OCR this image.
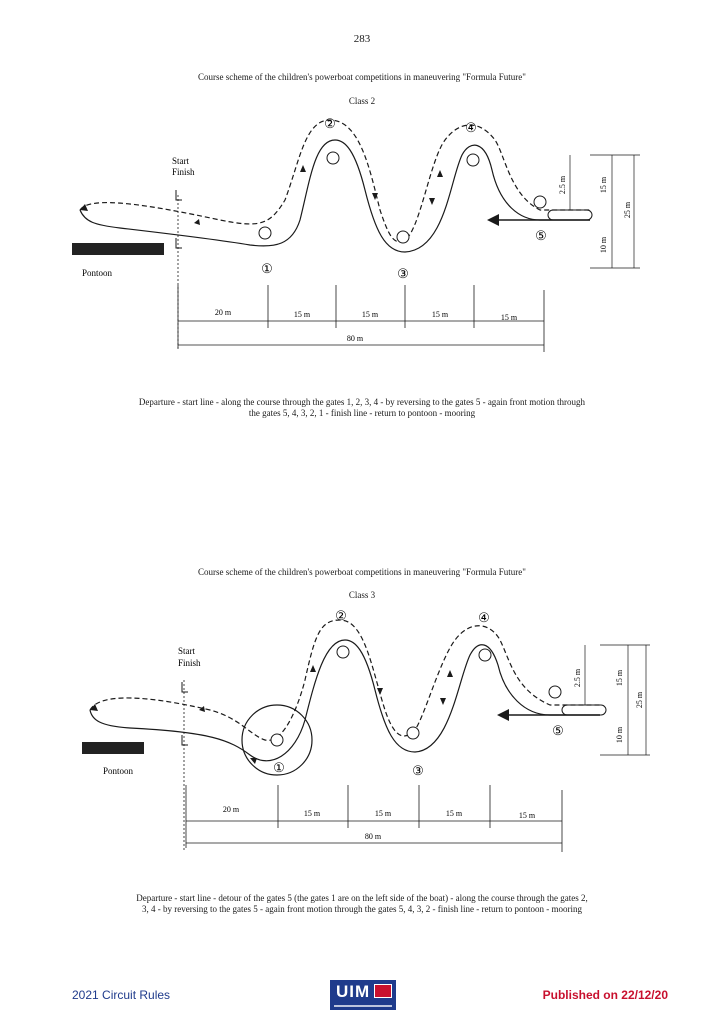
283
Course scheme of the children's powerboat competitions in maneuvering "Formula Future"
Class 2
①
②
③
④
⑤
Start
Finish
Pontoon
2.5 m	15 m
25 m
10 m
20 m	15 m	15 m	15 m	15 m
80 m
Departure - start line - along the course through the gates 1, 2, 3, 4 - by reversing to the gates 5 - again front motion through
the gates 5, 4, 3, 2, 1 - finish line - return to pontoon - mooring
Course scheme of the children's powerboat competitions in maneuvering "Formula Future"
Class 3
①
②
③
④
⑤
Start
Finish
Pontoon
2.5 m	15 m
25 m
10 m
20 m	15 m	15 m	15 m	15 m
80 m
Departure - start line - detour of the gates 5 (the gates 1 are on the left side of the boat) - along the course through the gates 2,
3, 4 - by reversing to the gates 5 - again front motion through the gates 5, 4, 3, 2 - finish line - return to pontoon - mooring
2021 Circuit Rules	UIM	Published on 22/12/20
